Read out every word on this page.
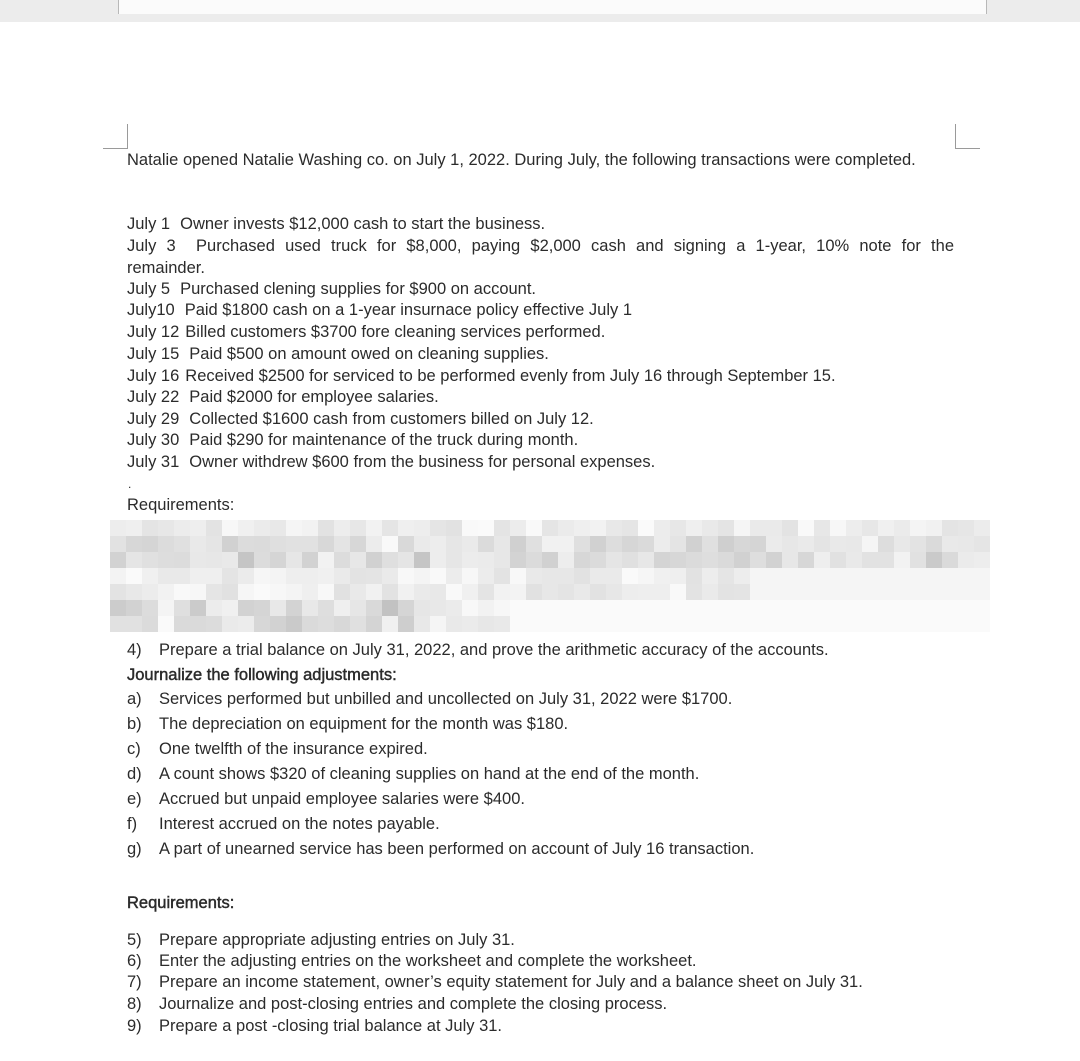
Natalie opened Natalie Washing co. on July 1, 2022. During July, the following transactions were completed.
July 1 Owner invests $12,000 cash to start the business.
July 3 Purchased used truck for $8,000, paying $2,000 cash and signing a 1-year, 10% note for the
remainder.
July 5 Purchased clening supplies for $900 on account.
July10 Paid $1800 cash on a 1-year insurnace policy effective July 1
July 12 Billed customers $3700 fore cleaning services performed.
July 15 Paid $500 on amount owed on cleaning supplies.
July 16 Received $2500 for serviced to be performed evenly from July 16 through September 15.
July 22 Paid $2000 for employee salaries.
July 29 Collected $1600 cash from customers billed on July 12.
July 30 Paid $290 for maintenance of the truck during month.
July 31 Owner withdrew $600 from the business for personal expenses.
.
Requirements:
4) Prepare a trial balance on July 31, 2022, and prove the arithmetic accuracy of the accounts.
Journalize the following adjustments:
a) Services performed but unbilled and uncollected on July 31, 2022 were $1700.
b) The depreciation on equipment for the month was $180.
c) One twelfth of the insurance expired.
d) A count shows $320 of cleaning supplies on hand at the end of the month.
e) Accrued but unpaid employee salaries were $400.
f) Interest accrued on the notes payable.
g) A part of unearned service has been performed on account of July 16 transaction.
Requirements:
5) Prepare appropriate adjusting entries on July 31.
6) Enter the adjusting entries on the worksheet and complete the worksheet.
7) Prepare an income statement, owner’s equity statement for July and a balance sheet on July 31.
8) Journalize and post-closing entries and complete the closing process.
9) Prepare a post -closing trial balance at July 31.
